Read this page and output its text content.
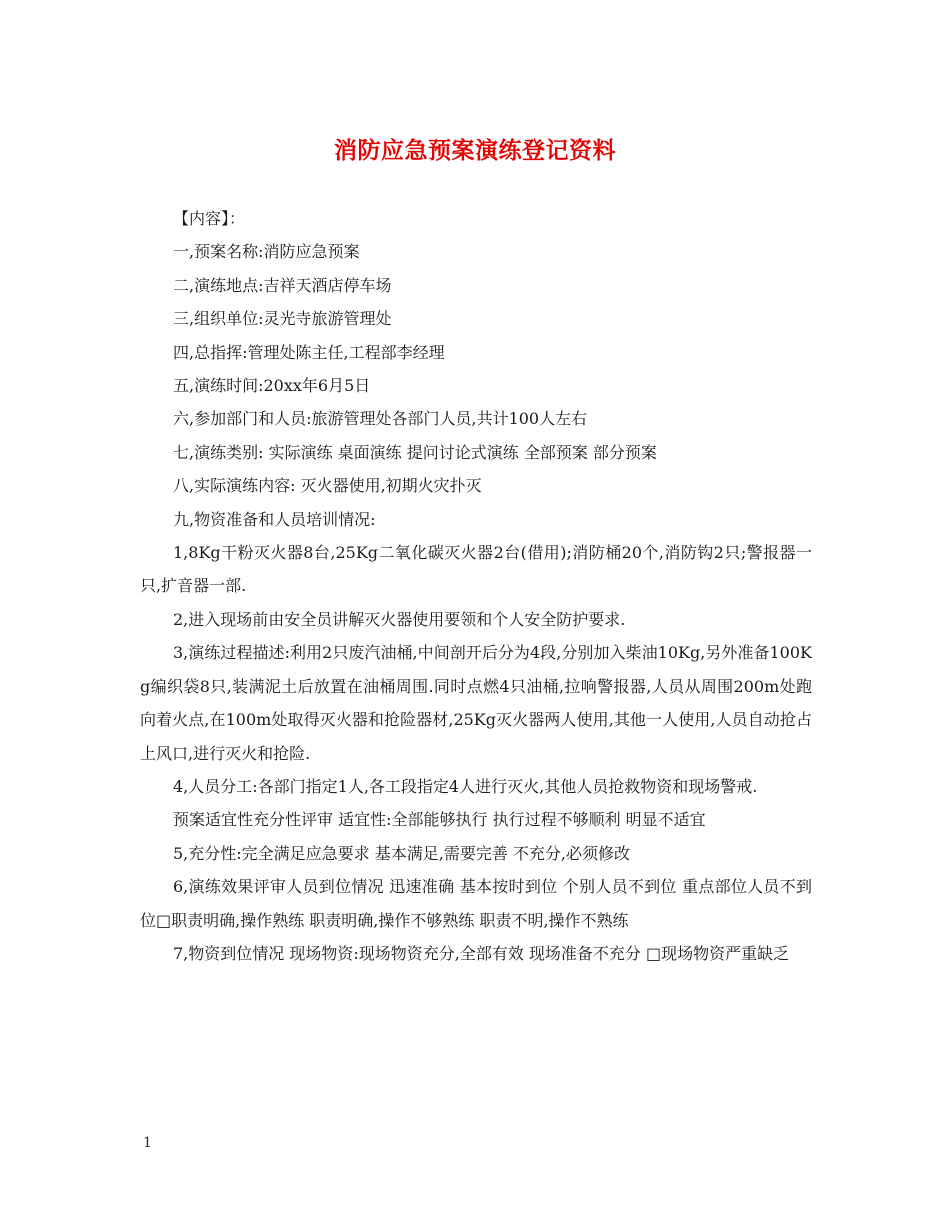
消防应急预案演练登记资料

【内容】：

一,预案名称:消防应急预案

二,演练地点:吉祥天酒店停车场

三,组织单位:灵光寺旅游管理处

四,总指挥:管理处陈主任,工程部李经理

五,演练时间:20xx年6月5日

六,参加部门和人员:旅游管理处各部门人员,共计100人左右

七,演练类别: 实际演练 桌面演练 提问讨论式演练 全部预案 部分预案

八,实际演练内容: 灭火器使用,初期火灾扑灭

九,物资准备和人员培训情况:

1,8Kg干粉灭火器8台,25Kg二氧化碳灭火器2台(借用);消防桶20个,消防钩2只;警报器一只,扩音器一部.

2,进入现场前由安全员讲解灭火器使用要领和个人安全防护要求.

3,演练过程描述:利用2只废汽油桶,中间剖开后分为4段,分别加入柴油10Kg,另外准备100Kg编织袋8只,装满泥土后放置在油桶周围.同时点燃4只油桶,拉响警报器,人员从周围200m处跑向着火点,在100m处取得灭火器和抢险器材,25Kg灭火器两人使用,其他一人使用,人员自动抢占上风口,进行灭火和抢险.

4,人员分工:各部门指定1人,各工段指定4人进行灭火,其他人员抢救物资和现场警戒.

预案适宜性充分性评审 适宜性:全部能够执行 执行过程不够顺利 明显不适宜

5,充分性:完全满足应急要求 基本满足,需要完善 不充分,必须修改

6,演练效果评审人员到位情况 迅速准确 基本按时到位 个别人员不到位 重点部位人员不到位□职责明确,操作熟练 职责明确,操作不够熟练 职责不明,操作不熟练

7,物资到位情况 现场物资:现场物资充分,全部有效 现场准备不充分 □现场物资严重缺乏

1
